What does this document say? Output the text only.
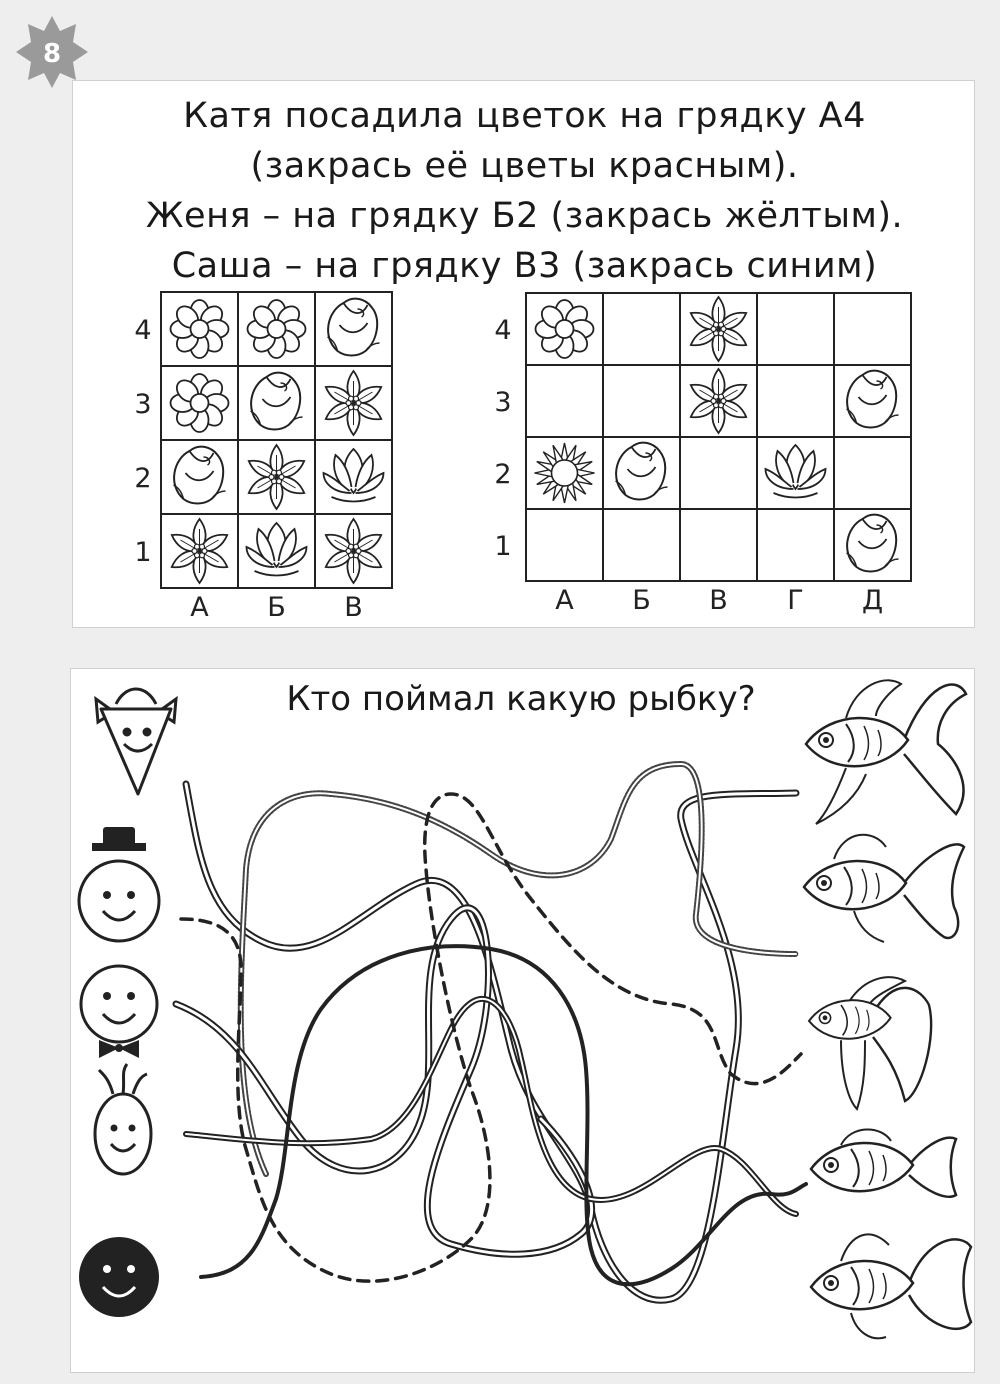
8
Катя посадила цветок на грядку А4
(закрась её цветы красным).
Женя – на грядку Б2 (закрась жёлтым).
Саша – на грядку В3 (закрась синим)
4
3
2
1
А Б В
4
3
2
1
А Б В Г Д
Кто поймал какую рыбку?
